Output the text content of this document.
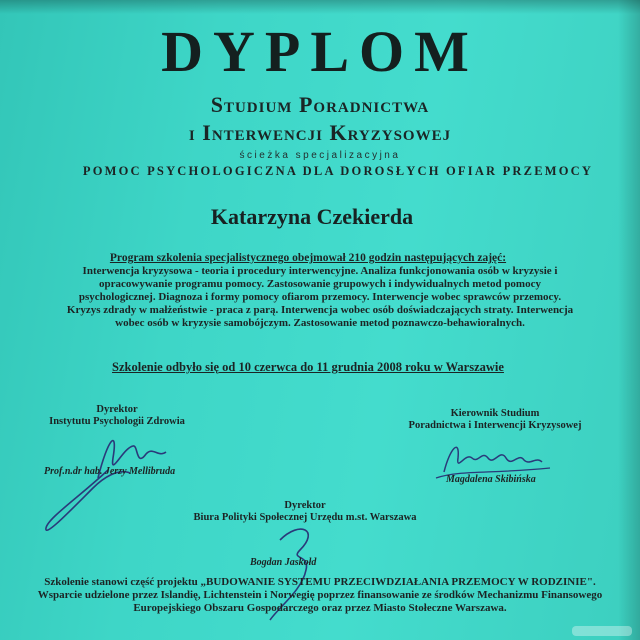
DYPLOM
Studium Poradnictwa
i Interwencji Kryzysowej
ścieżka specjalizacyjna
POMOC PSYCHOLOGICZNA DLA DOROSŁYCH OFIAR PRZEMOCY
Katarzyna Czekierda
Program szkolenia specjalistycznego obejmował 210 godzin następujących zajęć:
Interwencja kryzysowa - teoria i procedury interwencyjne. Analiza funkcjonowania osób w kryzysie i
opracowywanie programu pomocy. Zastosowanie grupowych i indywidualnych metod pomocy
psychologicznej. Diagnoza i formy pomocy ofiarom przemocy. Interwencje wobec sprawców przemocy.
Kryzys zdrady w małżeństwie - praca z parą. Interwencja wobec osób doświadczających straty. Interwencja
wobec osób w kryzysie samobójczym. Zastosowanie metod poznawczo-behawioralnych.
Szkolenie odbyło się od 10 czerwca do 11 grudnia 2008 roku w Warszawie
Dyrektor
Instytutu Psychologii Zdrowia
Prof.n.dr hab. Jerzy Mellibruda
Kierownik Studium
Poradnictwa i Interwencji Kryzysowej
Magdalena Skibińska
Dyrektor
Biura Polityki Społecznej Urzędu m.st. Warszawa
Bogdan Jaskołd
Szkolenie stanowi część projektu „BUDOWANIE SYSTEMU PRZECIWDZIAŁANIA PRZEMOCY W RODZINIE".
Wsparcie udzielone przez Islandię, Lichtenstein i Norwegię poprzez finansowanie ze środków Mechanizmu Finansowego
Europejskiego Obszaru Gospodarczego oraz przez Miasto Stołeczne Warszawa.
